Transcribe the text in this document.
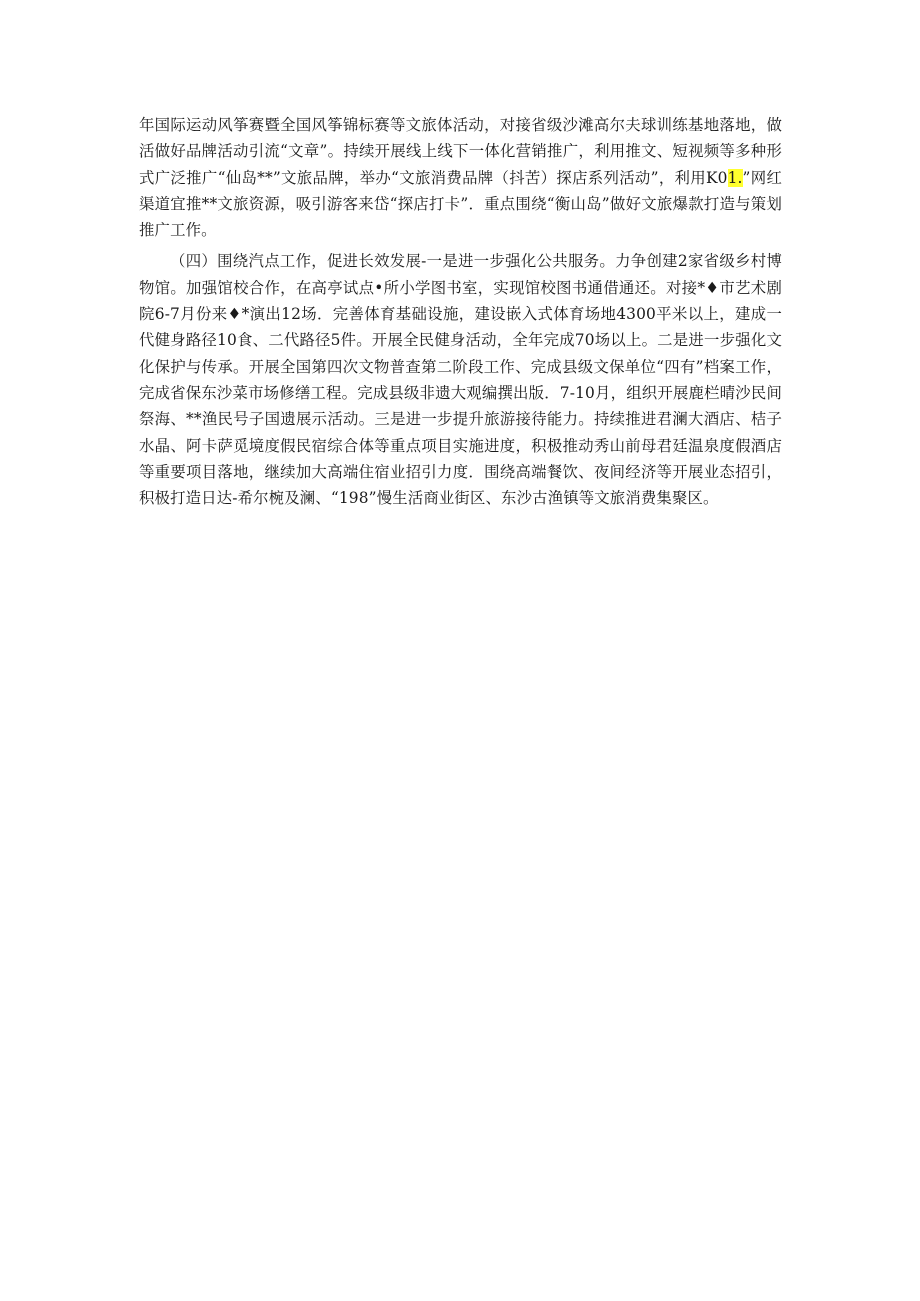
年国际运动风筝赛暨全国风筝锦标赛等文旅体活动，对接省级沙滩高尔夫球训练基地落地，做活做好品牌活动引流“文章”。持续开展线上线下一体化营销推广，利用推文、短视频等多种形式广泛推广“仙岛**”文旅品牌，举办“文旅消费品牌（抖苦）探店系列活动”，利用K01.”网红渠道宜推**文旅资源，吸引游客来岱“探店打卡”．重点围绕“衡山岛”做好文旅爆款打造与策划推广工作。

（四）围绕汽点工作，促进长效发展-一是进一步强化公共服务。力争创建2家省级乡村博物馆。加强馆校合作，在高亭试点•所小学图书室，实现馆校图书通借通还。对接*♦市艺术剧院6-7月份来♦*演出12场．完善体育基础设施，建设嵌入式体育场地4300平米以上，建成一代健身路径10食、二代路径5件。开展全民健身活动，全年完成70场以上。二是进一步强化文化保护与传承。开展全国第四次文物普查第二阶段工作、完成县级文保单位“四有”档案工作，完成省保东沙菜市场修缮工程。完成县级非遗大观编撰出版．7-10月，组织开展鹿栏晴沙民间祭海、**渔民号子国遗展示活动。三是进一步提升旅游接待能力。持续推进君澜大酒店、桔子水晶、阿卡萨觅境度假民宿综合体等重点项目实施进度，积极推动秀山前母君廷温泉度假酒店等重要项目落地，继续加大高端住宿业招引力度．围绕高端餐饮、夜间经济等开展业态招引，积极打造日达-希尔椀及澜、“198”慢生活商业街区、东沙古渔镇等文旅消费集聚区。
